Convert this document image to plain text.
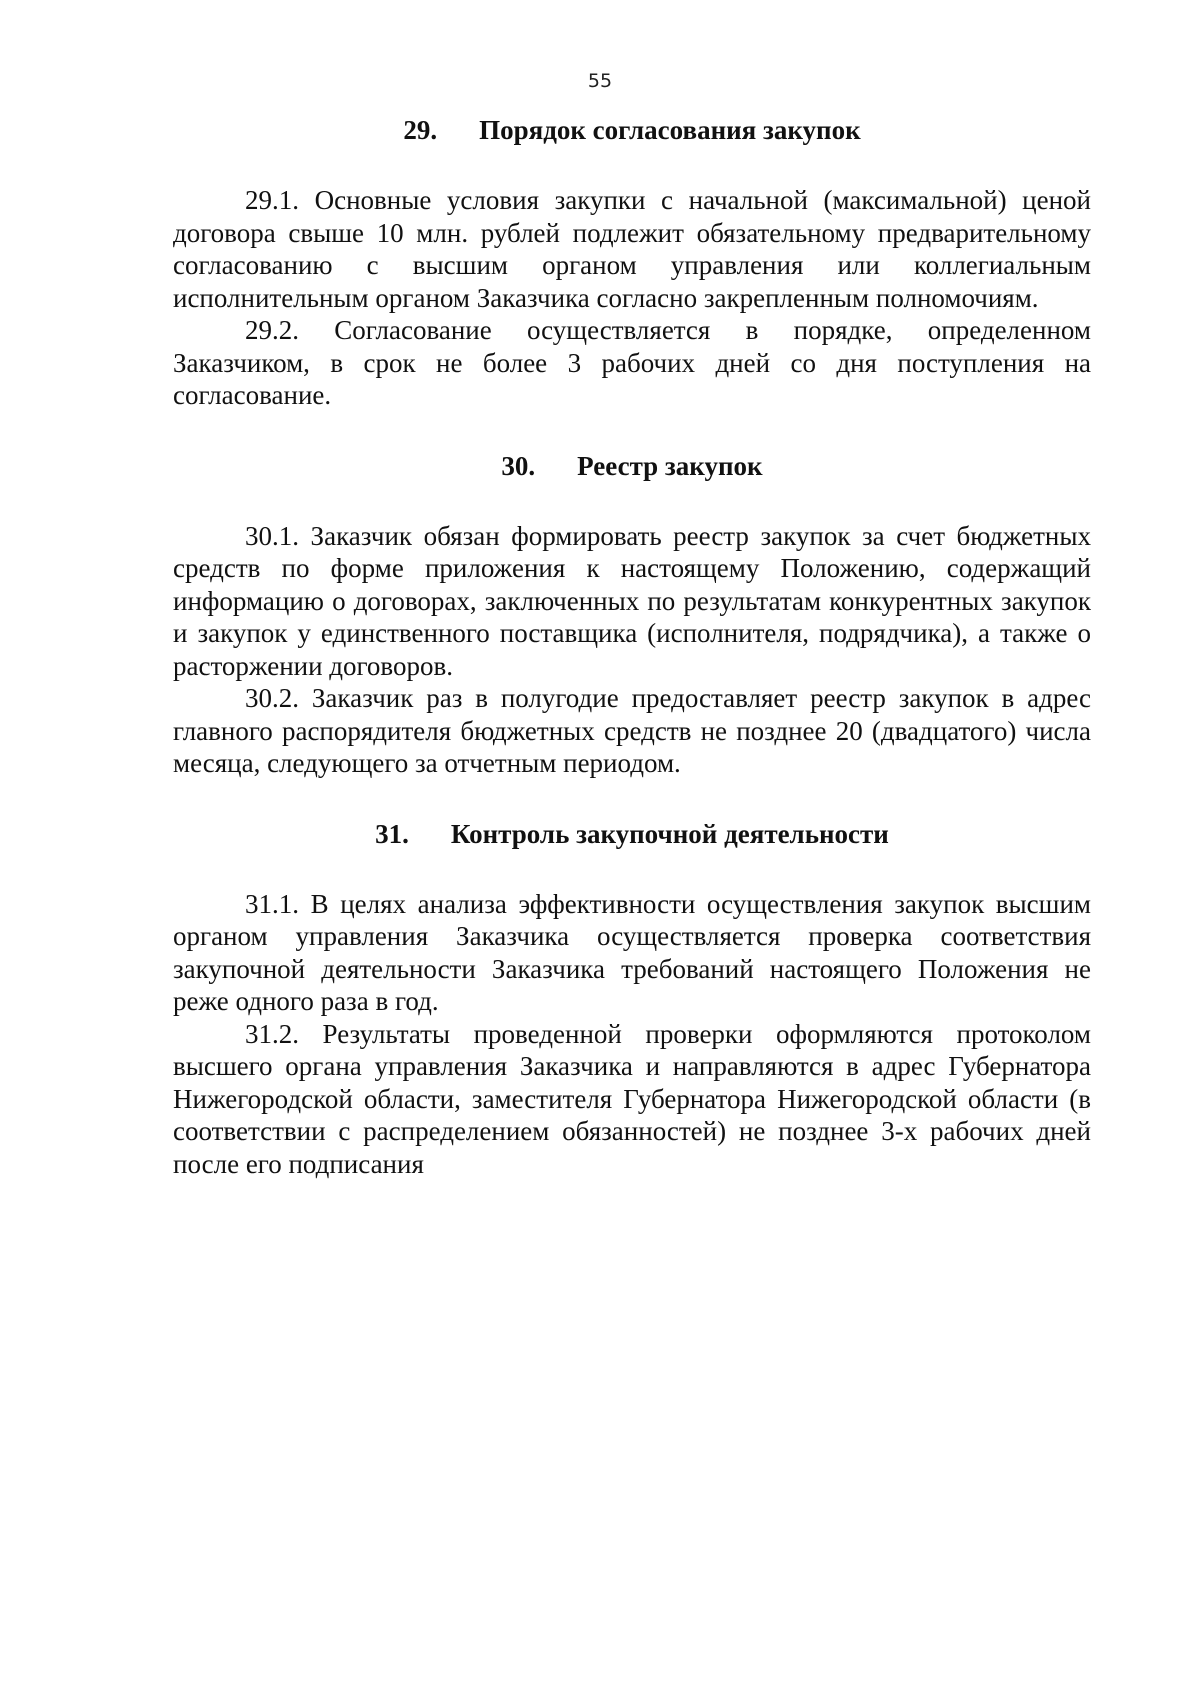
55
29. Порядок согласования закупок

29.1. Основные условия закупки с начальной (максимальной) ценой договора свыше 10 млн. рублей подлежит обязательному предварительному согласованию с высшим органом управления или коллегиальным исполнительным органом Заказчика согласно закрепленным полномочиям.

29.2. Согласование осуществляется в порядке, определенном Заказчиком, в срок не более 3 рабочих дней со дня поступления на согласование.

30. Реестр закупок

30.1. Заказчик обязан формировать реестр закупок за счет бюджетных средств по форме приложения к настоящему Положению, содержащий информацию о договорах, заключенных по результатам конкурентных закупок и закупок у единственного поставщика (исполнителя, подрядчика), а также о расторжении договоров.

30.2. Заказчик раз в полугодие предоставляет реестр закупок в адрес главного распорядителя бюджетных средств не позднее 20 (двадцатого) числа месяца, следующего за отчетным периодом.

31. Контроль закупочной деятельности

31.1. В целях анализа эффективности осуществления закупок высшим органом управления Заказчика осуществляется проверка соответствия закупочной деятельности Заказчика требований настоящего Положения не реже одного раза в год.

31.2. Результаты проведенной проверки оформляются протоколом высшего органа управления Заказчика и направляются в адрес Губернатора Нижегородской области, заместителя Губернатора Нижегородской области (в соответствии с распределением обязанностей) не позднее 3-х рабочих дней после его подписания
